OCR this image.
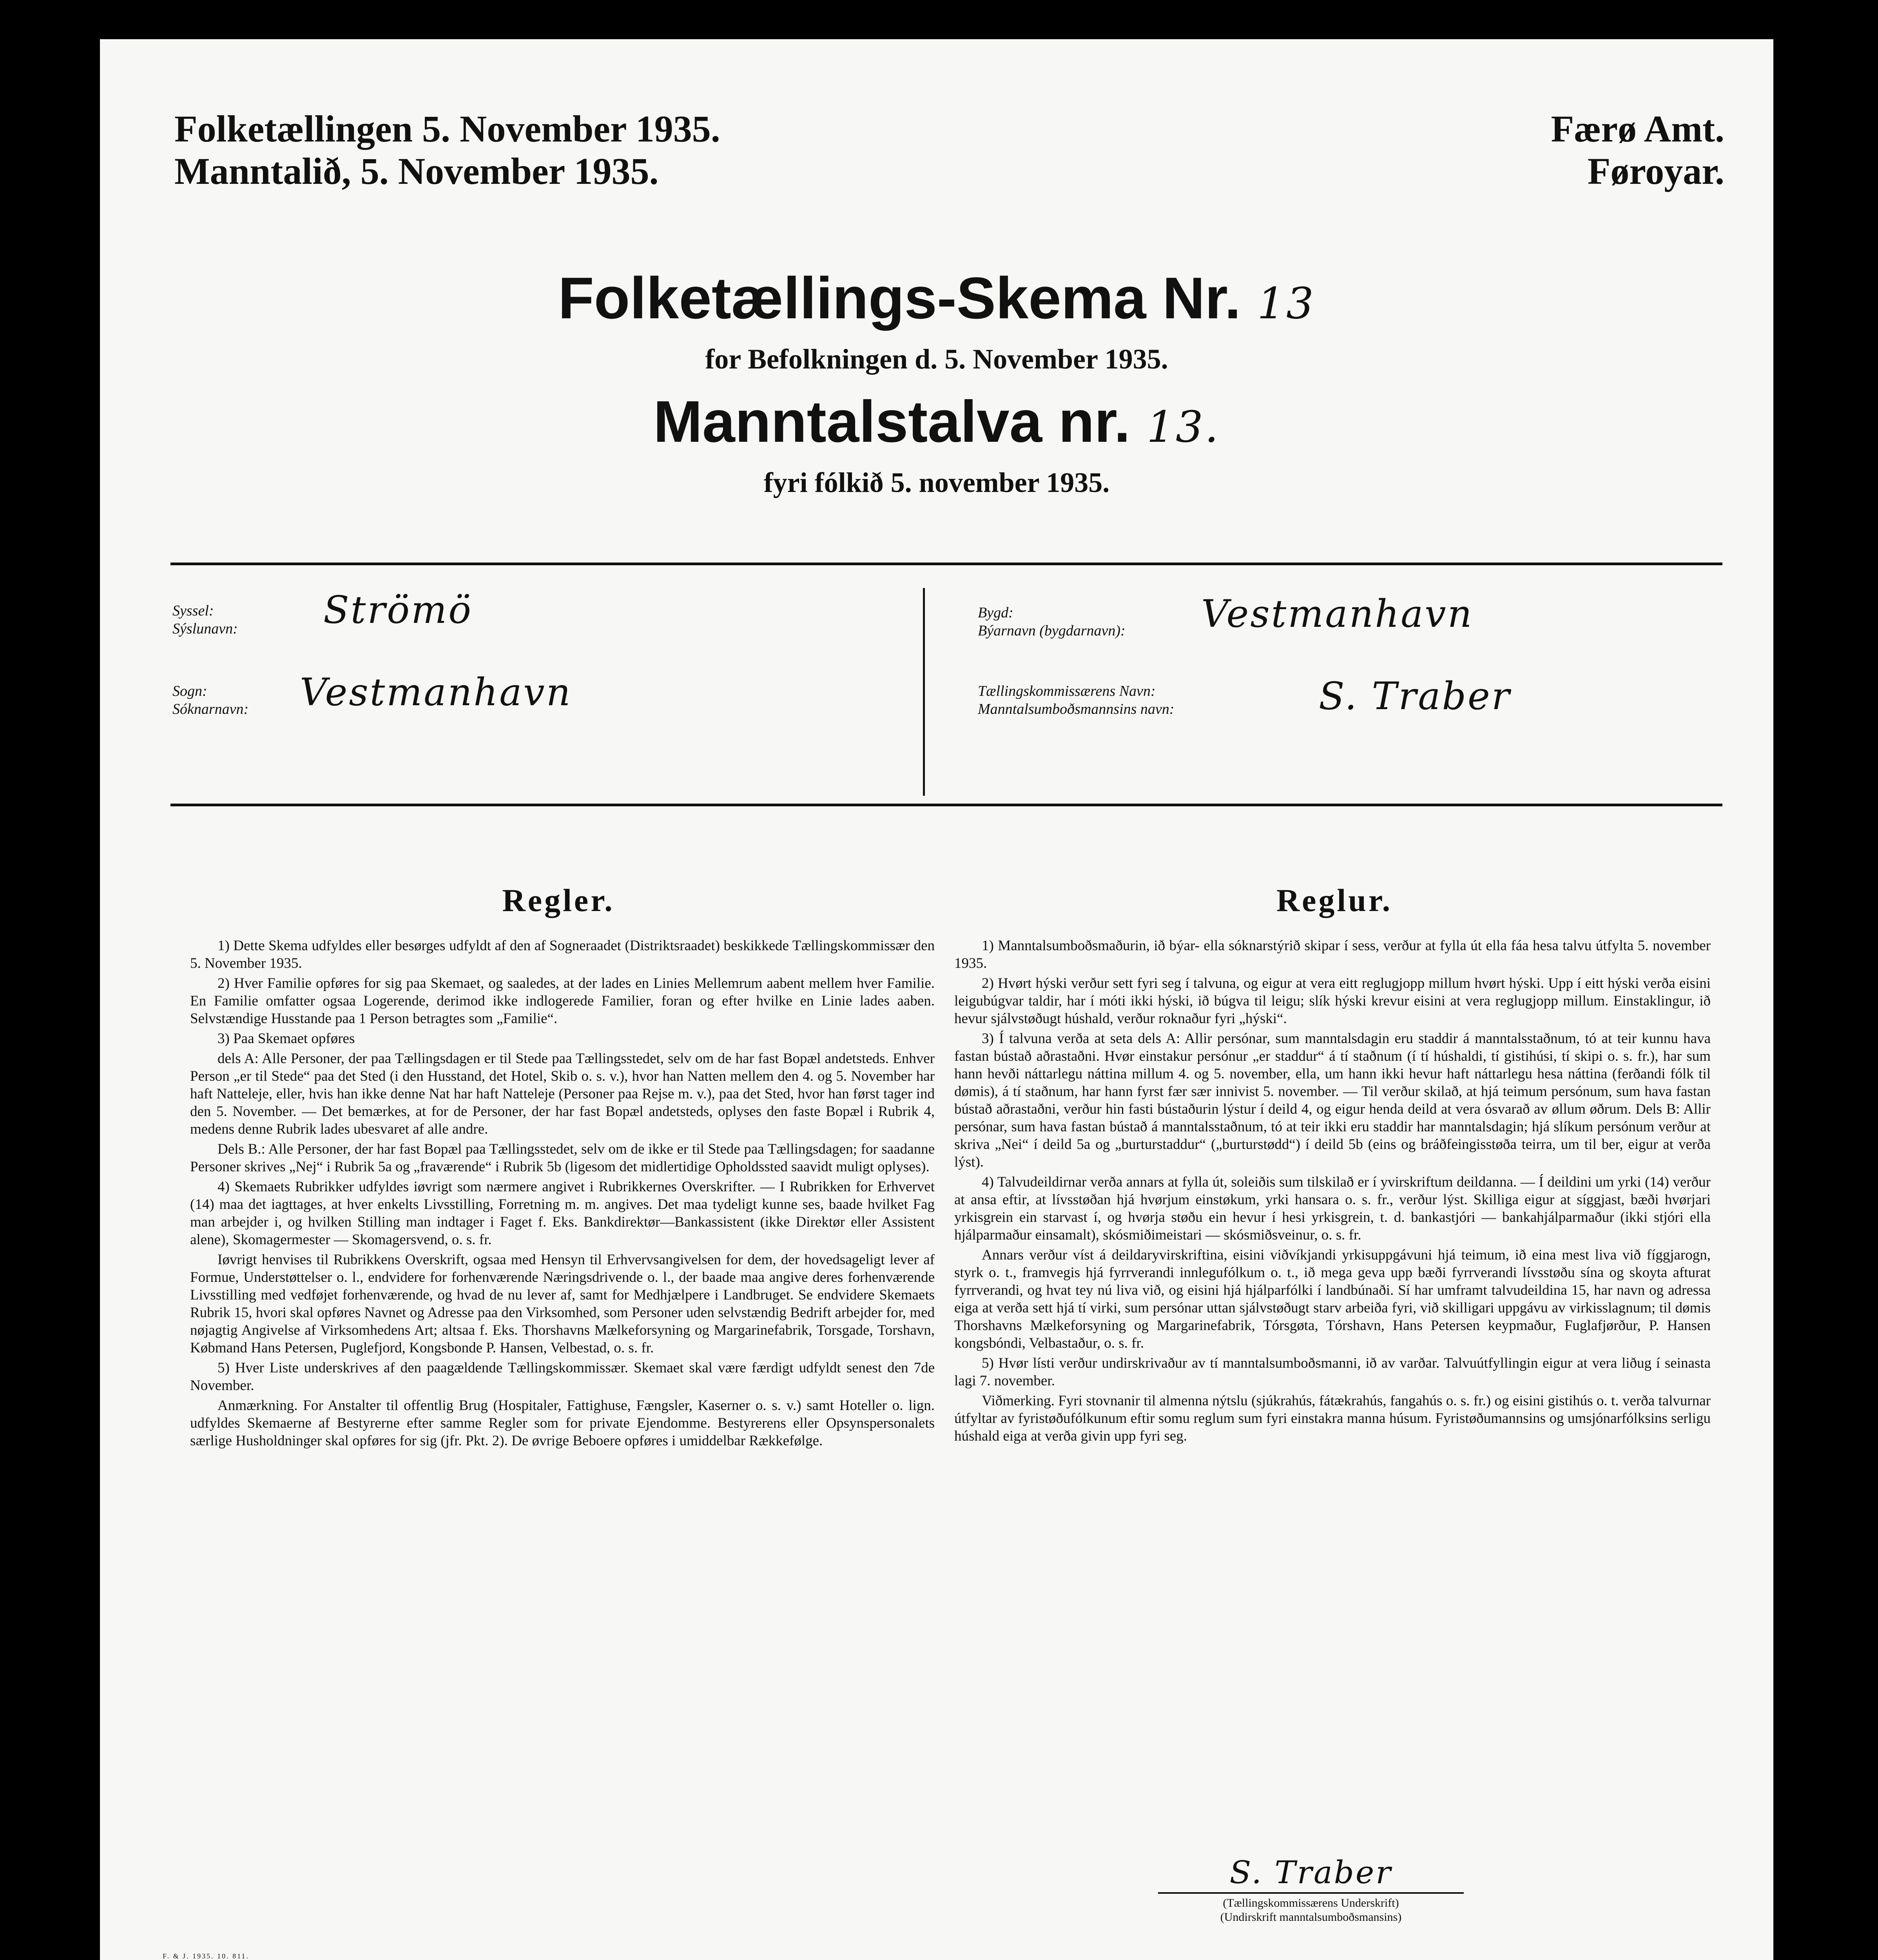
Folketællingen 5. November 1935.
Manntalið, 5. November 1935.
Færø Amt.
Føroyar.
Folketællings-Skema Nr. 13
for Befolkningen d. 5. November 1935.
Manntalstalva nr. 13.
fyri fólkið 5. november 1935.
Syssel:
Sýslunavn: Strömö
Sogn:
Sóknarnavn: Vestmanhavn
Bygd:
Býarnavn (bygdarnavn): Vestmanhavn
Tællingskommissærens Navn:
Manntalsumboðsmannsins navn:	S. Traber
Regler.	Reglur.

1) Dette Skema udfyldes eller besørges udfyldt af den af Sogneraadet (Distriktsraadet) beskikkede Tællingskommissær den 5. November 1935.

2) Hver Familie opføres for sig paa Skemaet, og saaledes, at der lades en Linies Mellemrum aabent mellem hver Familie. En Familie omfatter ogsaa Logerende, derimod ikke indlogerede Familier, foran og efter hvilke en Linie lades aaben. Selvstændige Husstande paa 1 Person betragtes som „Familie“.

3) Paa Skemaet opføres

dels A: Alle Personer, der paa Tællingsdagen er til Stede paa Tællingsstedet, selv om de har fast Bopæl andetsteds. Enhver Person „er til Stede“ paa det Sted (i den Husstand, det Hotel, Skib o. s. v.), hvor han Natten mellem den 4. og 5. November har haft Natteleje, eller, hvis han ikke denne Nat har haft Natteleje (Personer paa Rejse m. v.), paa det Sted, hvor han først tager ind den 5. November. — Det bemærkes, at for de Personer, der har fast Bopæl andetsteds, oplyses den faste Bopæl i Rubrik 4, medens denne Rubrik lades ubesvaret af alle andre.

Dels B.: Alle Personer, der har fast Bopæl paa Tællingsstedet, selv om de ikke er til Stede paa Tællingsdagen; for saadanne Personer skrives „Nej“ i Rubrik 5a og „fraværende“ i Rubrik 5b (ligesom det midlertidige Opholdssted saavidt muligt oplyses).

4) Skemaets Rubrikker udfyldes iøvrigt som nærmere angivet i Rubrikkernes Overskrifter. — I Rubrikken for Erhvervet (14) maa det iagttages, at hver enkelts Livsstilling, Forretning m. m. angives. Det maa tydeligt kunne ses, baade hvilket Fag man arbejder i, og hvilken Stilling man indtager i Faget f. Eks. Bankdirektør—Bankassistent (ikke Direktør eller Assistent alene), Skomagermester — Skomagersvend, o. s. fr.

Iøvrigt henvises til Rubrikkens Overskrift, ogsaa med Hensyn til Erhvervsangivelsen for dem, der hovedsageligt lever af Formue, Understøttelser o. l., endvidere for forhenværende Næringsdrivende o. l., der baade maa angive deres forhenværende Livsstilling med vedføjet forhenværende, og hvad de nu lever af, samt for Medhjælpere i Landbruget. Se endvidere Skemaets Rubrik 15, hvori skal opføres Navnet og Adresse paa den Virksomhed, som Personer uden selvstændig Bedrift arbejder for, med nøjagtig Angivelse af Virksomhedens Art; altsaa f. Eks. Thorshavns Mælkeforsyning og Margarinefabrik, Torsgade, Torshavn, Købmand Hans Petersen, Puglefjord, Kongsbonde P. Hansen, Velbestad, o. s. fr.

5) Hver Liste underskrives af den paagældende Tællingskommissær. Skemaet skal være færdigt udfyldt senest den 7de November.

Anmærkning. For Anstalter til offentlig Brug (Hospitaler, Fattighuse, Fængsler, Kaserner o. s. v.) samt Hoteller o. lign. udfyldes Skemaerne af Bestyrerne efter samme Regler som for private Ejendomme. Bestyrerens eller Opsynspersonalets særlige Husholdninger skal opføres for sig (jfr. Pkt. 2). De øvrige Beboere opføres i umiddelbar Rækkefølge.

1) Manntalsumboðsmaðurin, ið býar- ella sóknarstýrið skipar í sess, verður at fylla út ella fáa hesa talvu útfylta 5. november 1935.

2) Hvørt hýski verður sett fyri seg í talvuna, og eigur at vera eitt reglugjopp millum hvørt hýski. Upp í eitt hýski verða eisini leigubúgvar taldir, har í móti ikki hýski, ið búgva til leigu; slík hýski krevur eisini at vera reglugjopp millum. Einstaklingur, ið hevur sjálvstøðugt húshald, verður roknaður fyri „hýski“.

3) Í talvuna verða at seta dels A: Allir persónar, sum manntalsdagin eru staddir á manntalsstaðnum, tó at teir kunnu hava fastan bústað aðrastaðni. Hvør einstakur persónur „er staddur“ á tí staðnum (í tí húshaldi, tí gistihúsi, tí skipi o. s. fr.), har sum hann hevði náttarlegu náttina millum 4. og 5. november, ella, um hann ikki hevur haft náttarlegu hesa náttina (ferðandi fólk til dømis), á tí staðnum, har hann fyrst fær sær innivist 5. november. — Til verður skilað, at hjá teimum persónum, sum hava fastan bústað aðrastaðni, verður hin fasti bústaðurin lýstur í deild 4, og eigur henda deild at vera ósvarað av øllum øðrum. Dels B: Allir persónar, sum hava fastan bústað á manntalsstaðnum, tó at teir ikki eru staddir har manntalsdagin; hjá slíkum persónum verður at skriva „Nei“ í deild 5a og „burturstaddur“ („burturstødd“) í deild 5b (eins og bráðfeingisstøða teirra, um til ber, eigur at verða lýst).

4) Talvudeildirnar verða annars at fylla út, soleiðis sum tilskilað er í yvirskriftum deildanna. — Í deildini um yrki (14) verður at ansa eftir, at lívsstøðan hjá hvørjum einstøkum, yrki hansara o. s. fr., verður lýst. Skilliga eigur at síggjast, bæði hvørjari yrkisgrein ein starvast í, og hvørja støðu ein hevur í hesi yrkisgrein, t. d. bankastjóri — bankahjálparmaður (ikki stjóri ella hjálparmaður einsamalt), skósmiðimeistari — skósmiðsveinur, o. s. fr.

Annars verður víst á deildaryvirskriftina, eisini viðvíkjandi yrkisuppgávuni hjá teimum, ið eina mest liva við fíggjarogn, styrk o. t., framvegis hjá fyrrverandi innlegufólkum o. t., ið mega geva upp bæði fyrrverandi lívsstøðu sína og skoyta afturat fyrrverandi, og hvat tey nú liva við, og eisini hjá hjálparfólki í landbúnaði. Sí har umframt talvudeildina 15, har navn og adressa eiga at verða sett hjá tí virki, sum persónar uttan sjálvstøðugt starv arbeiða fyri, við skilligari uppgávu av virkisslagnum; til dømis Thorshavns Mælkeforsyning og Margarinefabrik, Tórsgøta, Tórshavn, Hans Petersen keypmaður, Fuglafjørður, P. Hansen kongsbóndi, Velbastaður, o. s. fr.

5) Hvør lísti verður undirskrivaður av tí manntalsumboðsmanni, ið av varðar. Talvuútfyllingin eigur at vera liðug í seinasta lagi 7. november.

Viðmerking. Fyri stovnanir til almenna nýtslu (sjúkrahús, fátækrahús, fangahús o. s. fr.) og eisini gistihús o. t. verða talvurnar útfyltar av fyristøðufólkunum eftir somu reglum sum fyri einstakra manna húsum. Fyristøðumannsins og umsjónarfólksins serligu húshald eiga at verða givin upp fyri seg.

S. Traber
(Tællingskommissærens Underskrift)
(Undirskrift manntalsumboðsmansins)
F. & J. 1935. 10. 811.
